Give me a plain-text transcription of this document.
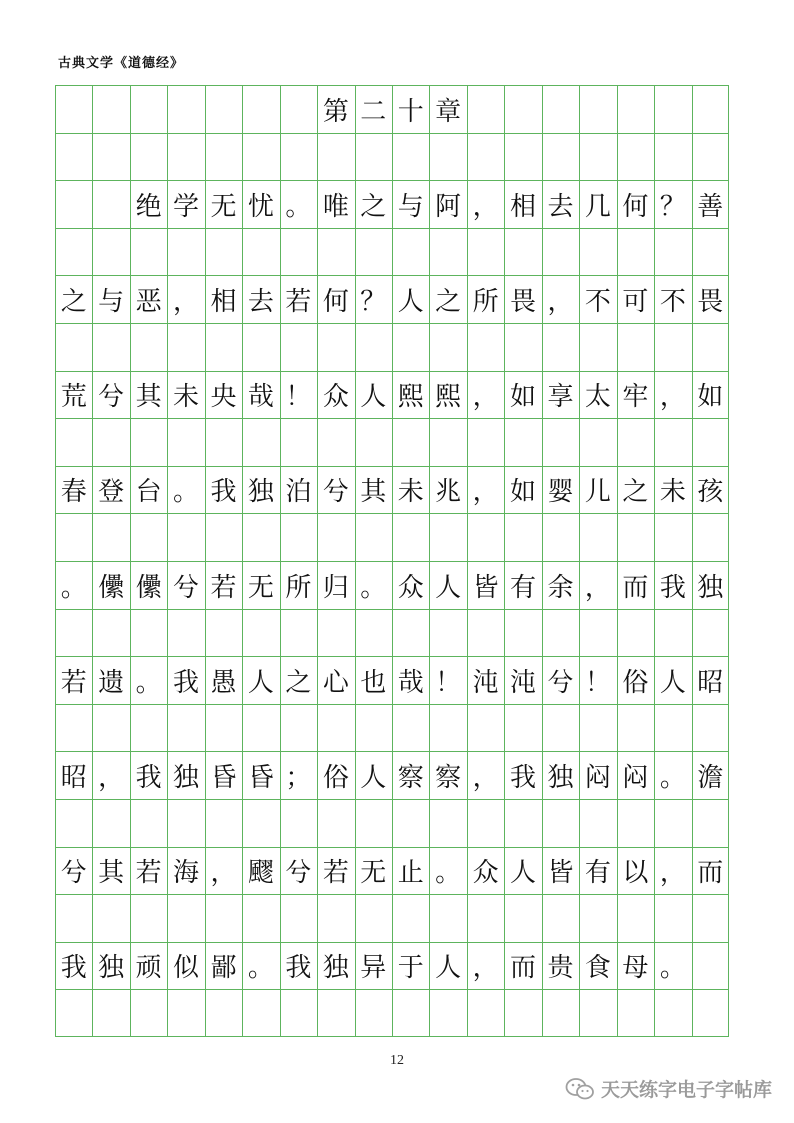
古典文学《道德经》
第 二 十 章
绝 学 无 忧 。 唯 之 与 阿 ， 相 去 几 何 ？ 善
之 与 恶 ， 相 去 若 何 ？ 人 之 所 畏 ， 不 可 不 畏
荒 兮 其 未 央 哉 ！ 众 人 熙 熙 ， 如 享 太 牢 ， 如
春 登 台 。 我 独 泊 兮 其 未 兆 ， 如 婴 儿 之 未 孩
。 儽 儽 兮 若 无 所 归 。 众 人 皆 有 余 ， 而 我 独
若 遗 。 我 愚 人 之 心 也 哉 ！ 沌 沌 兮 ！ 俗 人 昭
昭 ， 我 独 昏 昏 ； 俗 人 察 察 ， 我 独 闷 闷 。 澹
兮 其 若 海 ， 飂 兮 若 无 止 。 众 人 皆 有 以 ， 而
我 独 顽 似 鄙 。 我 独 异 于 人 ， 而 贵 食 母 。
12
天天练字电子字帖库
